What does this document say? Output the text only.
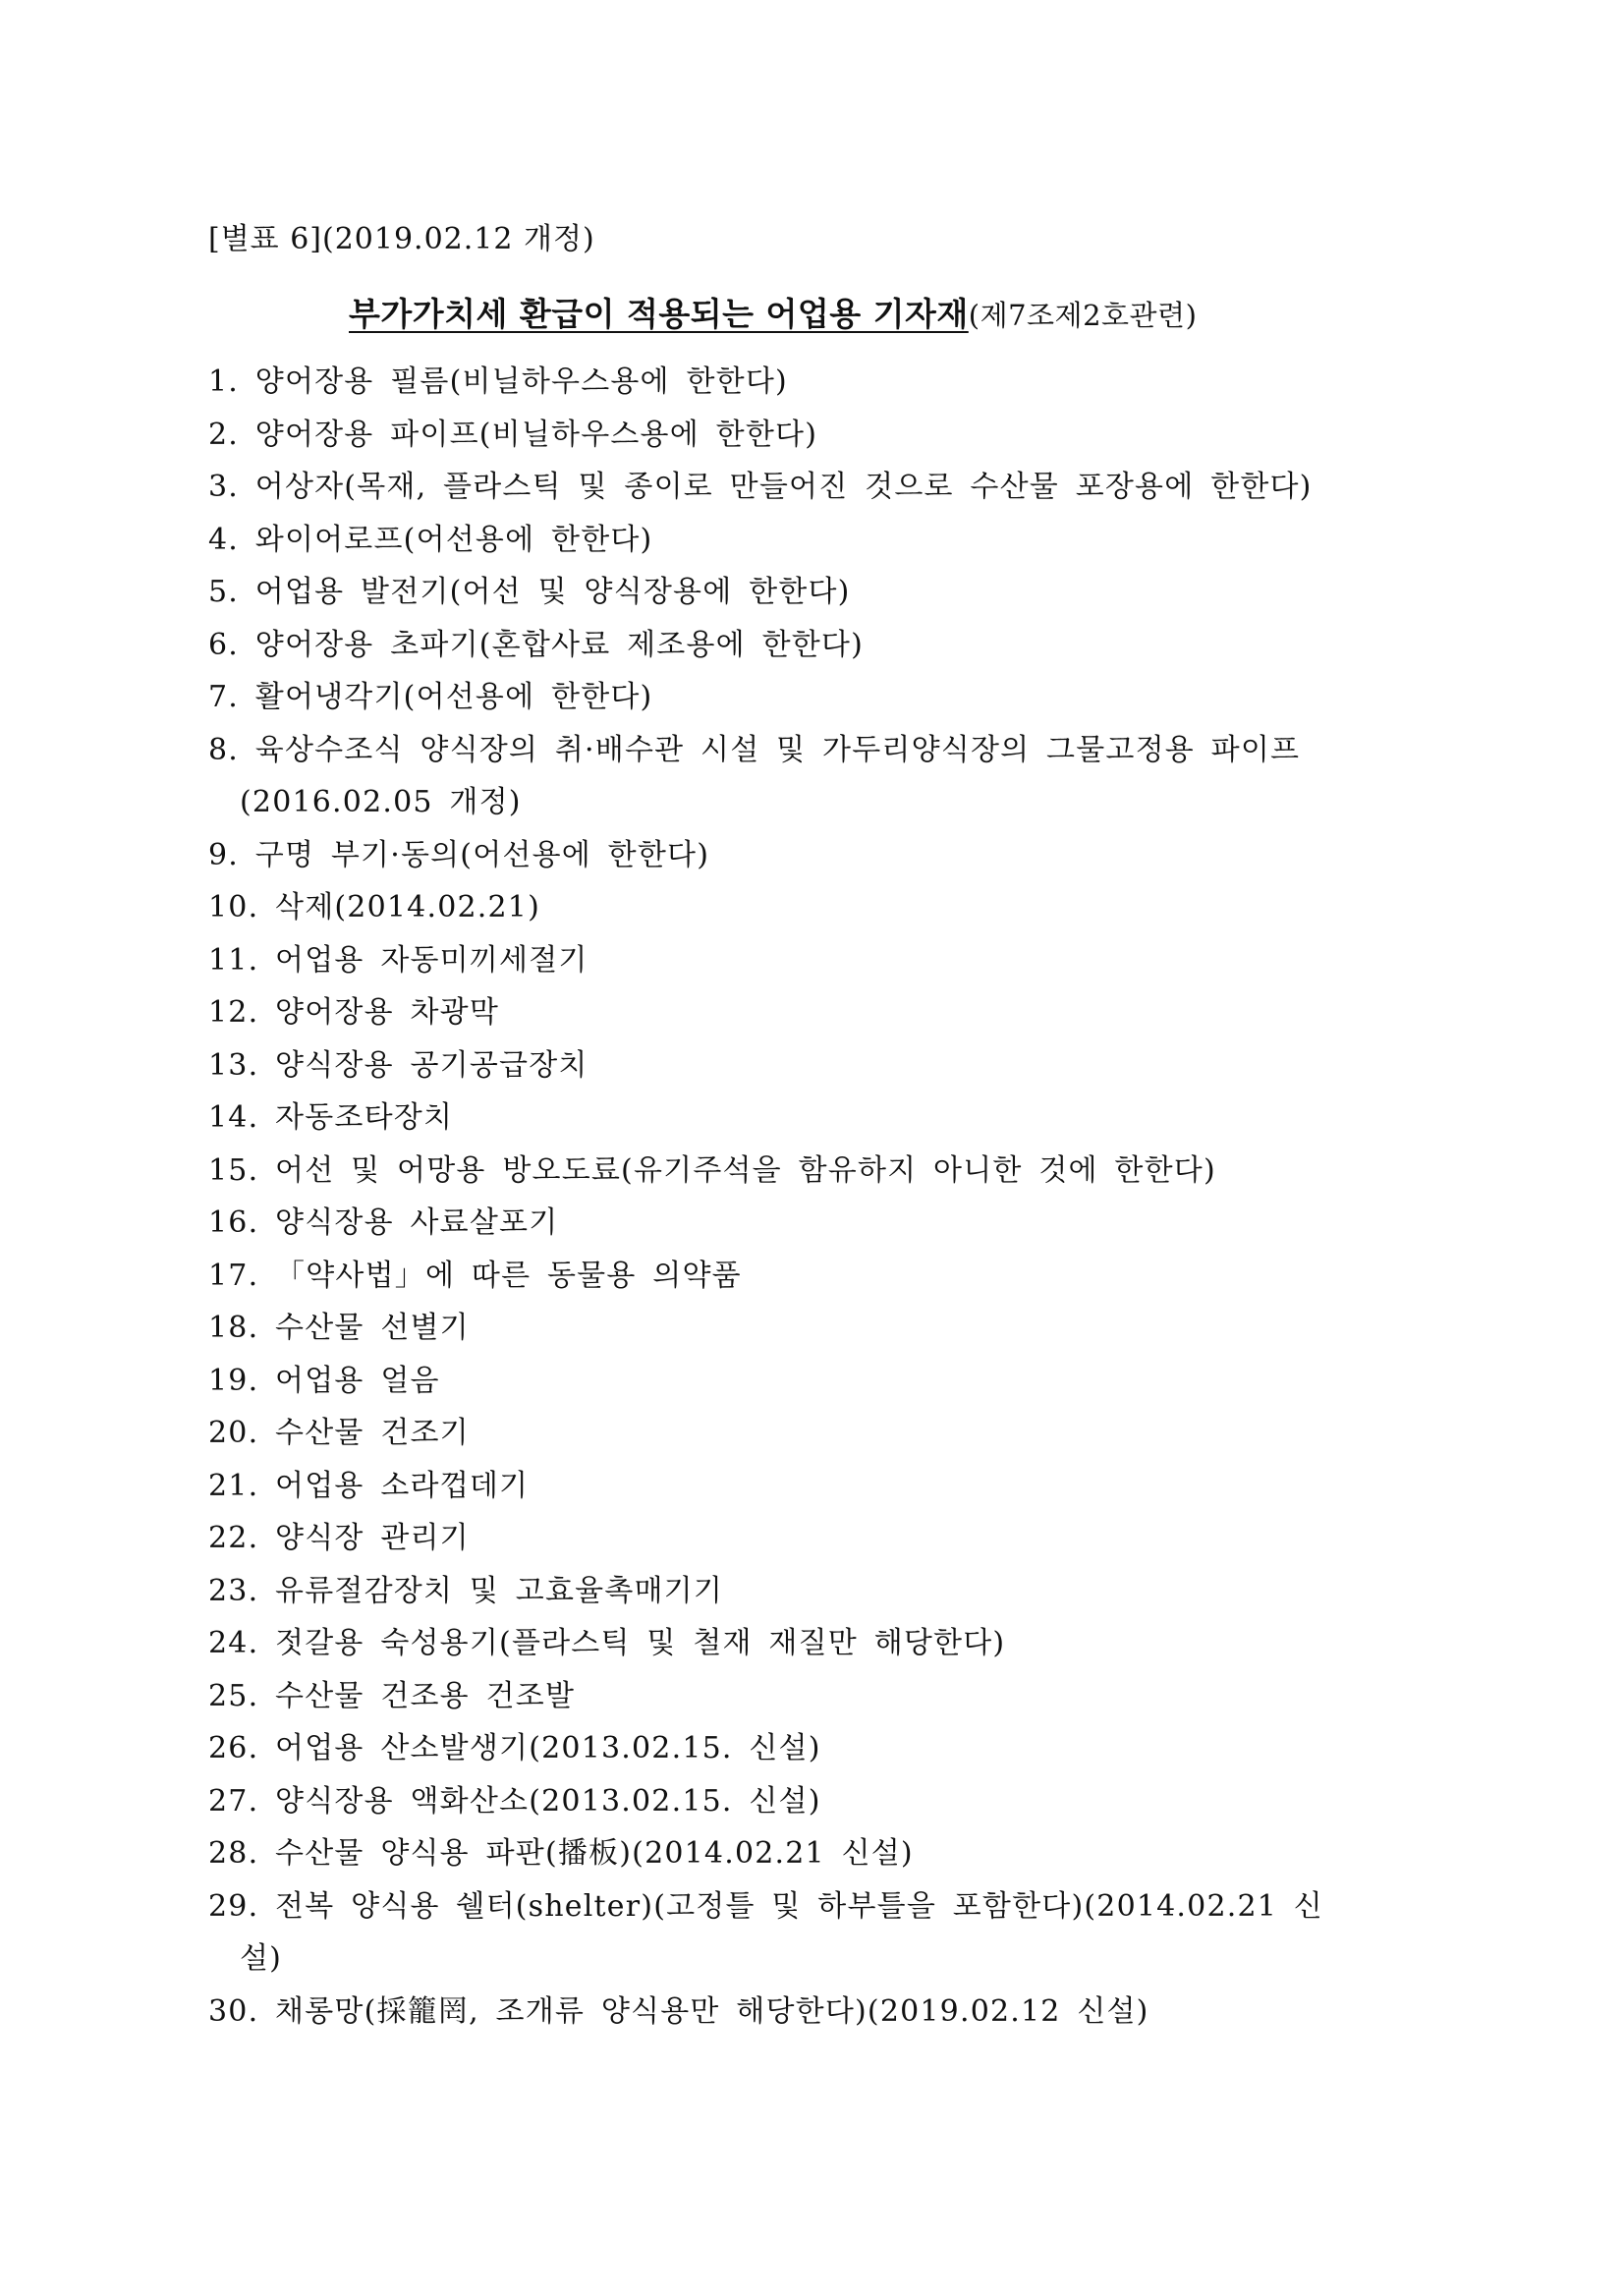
[별표 6](2019.02.12 개정)
부가가치세 환급이 적용되는 어업용 기자재(제7조제2호관련)
1. 양어장용 필름(비닐하우스용에 한한다)
2. 양어장용 파이프(비닐하우스용에 한한다)
3. 어상자(목재, 플라스틱 및 종이로 만들어진 것으로 수산물 포장용에 한한다)
4. 와이어로프(어선용에 한한다)
5. 어업용 발전기(어선 및 양식장용에 한한다)
6. 양어장용 초파기(혼합사료 제조용에 한한다)
7. 활어냉각기(어선용에 한한다)
8. 육상수조식 양식장의 취·배수관 시설 및 가두리양식장의 그물고정용 파이프
(2016.02.05 개정)
9. 구명 부기·동의(어선용에 한한다)
10. 삭제(2014.02.21)
11. 어업용 자동미끼세절기
12. 양어장용 차광막
13. 양식장용 공기공급장치
14. 자동조타장치
15. 어선 및 어망용 방오도료(유기주석을 함유하지 아니한 것에 한한다)
16. 양식장용 사료살포기
17. 「약사법」에 따른 동물용 의약품
18. 수산물 선별기
19. 어업용 얼음
20. 수산물 건조기
21. 어업용 소라껍데기
22. 양식장 관리기
23. 유류절감장치 및 고효율촉매기기
24. 젓갈용 숙성용기(플라스틱 및 철재 재질만 해당한다)
25. 수산물 건조용 건조발
26. 어업용 산소발생기(2013.02.15. 신설)
27. 양식장용 액화산소(2013.02.15. 신설)
28. 수산물 양식용 파판(播板)(2014.02.21 신설)
29. 전복 양식용 쉘터(shelter)(고정틀 및 하부틀을 포함한다)(2014.02.21 신
설)
30. 채롱망(採籠罔, 조개류 양식용만 해당한다)(2019.02.12 신설)
